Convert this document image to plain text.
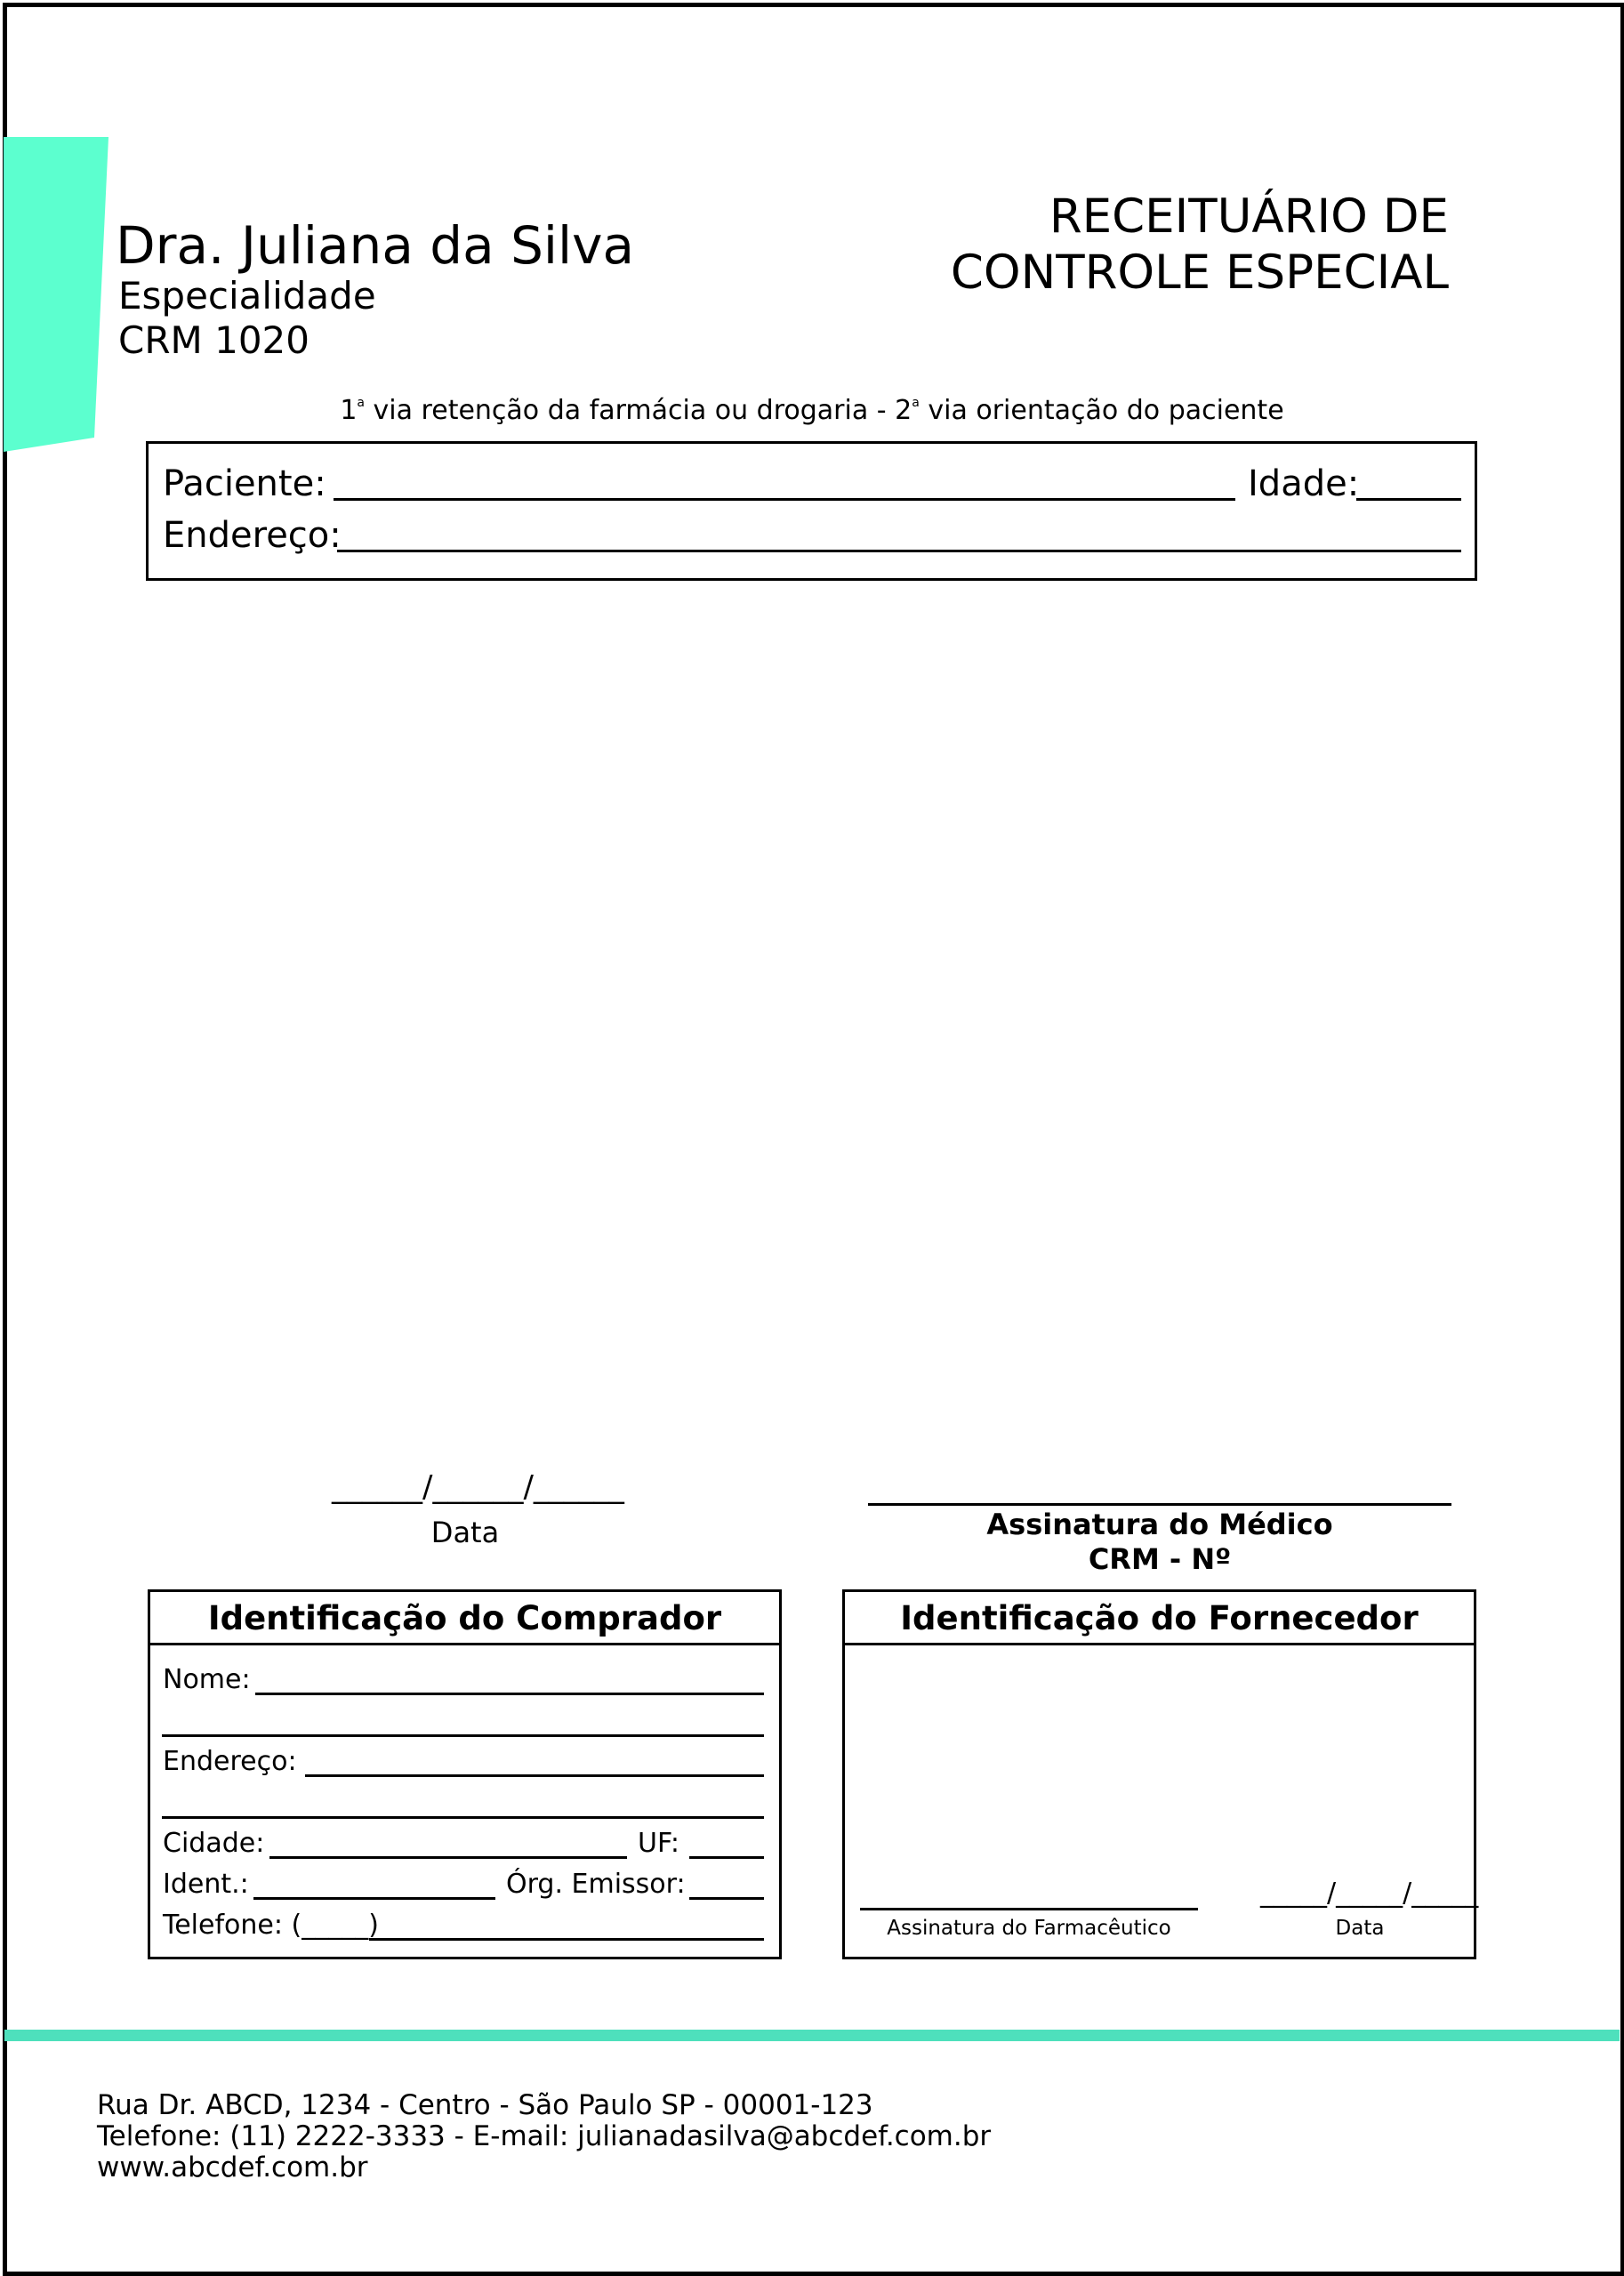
Dra. Juliana da Silva
Especialidade
CRM 1020
RECEITUÁRIO DE
CONTROLE ESPECIAL
1$^a$ via retenção da farmácia ou drogaria - 2$^a$ via orientação do paciente
Paciente:	Idade:
Endereço:
______/______/______
Data	Assinatura do Médico
CRM - Nº
Identificação do Comprador
Nome:
Endereço:
Cidade:	UF:
Ident.:	Órg. Emissor:
Telefone: (_____)
Identificação do Fornecedor
Assinatura do Farmacêutico
_____/_____/_____
Data
Rua Dr. ABCD, 1234 - Centro - São Paulo SP - 00001-123
Telefone: (11) 2222-3333 - E-mail: julianadasilva@abcdef.com.br
www.abcdef.com.br
